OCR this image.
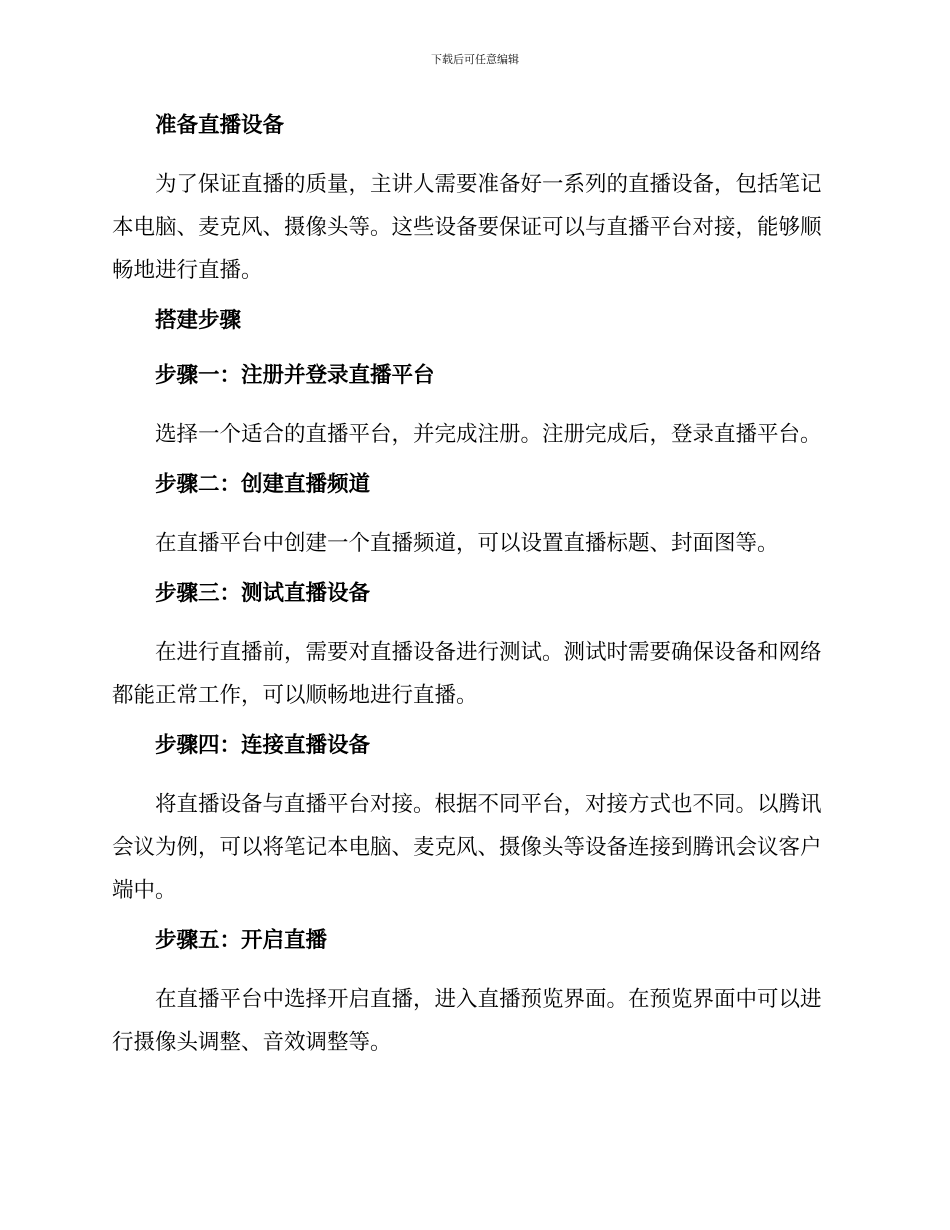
下载后可任意编辑

准备直播设备

为了保证直播的质量，主讲人需要准备好一系列的直播设备，包括笔记本电脑、麦克风、摄像头等。这些设备要保证可以与直播平台对接，能够顺畅地进行直播。

搭建步骤

步骤一：注册并登录直播平台

选择一个适合的直播平台，并完成注册。注册完成后，登录直播平台。

步骤二：创建直播频道

在直播平台中创建一个直播频道，可以设置直播标题、封面图等。

步骤三：测试直播设备

在进行直播前，需要对直播设备进行测试。测试时需要确保设备和网络都能正常工作，可以顺畅地进行直播。

步骤四：连接直播设备

将直播设备与直播平台对接。根据不同平台，对接方式也不同。以腾讯会议为例，可以将笔记本电脑、麦克风、摄像头等设备连接到腾讯会议客户端中。

步骤五：开启直播

在直播平台中选择开启直播，进入直播预览界面。在预览界面中可以进行摄像头调整、音效调整等。
